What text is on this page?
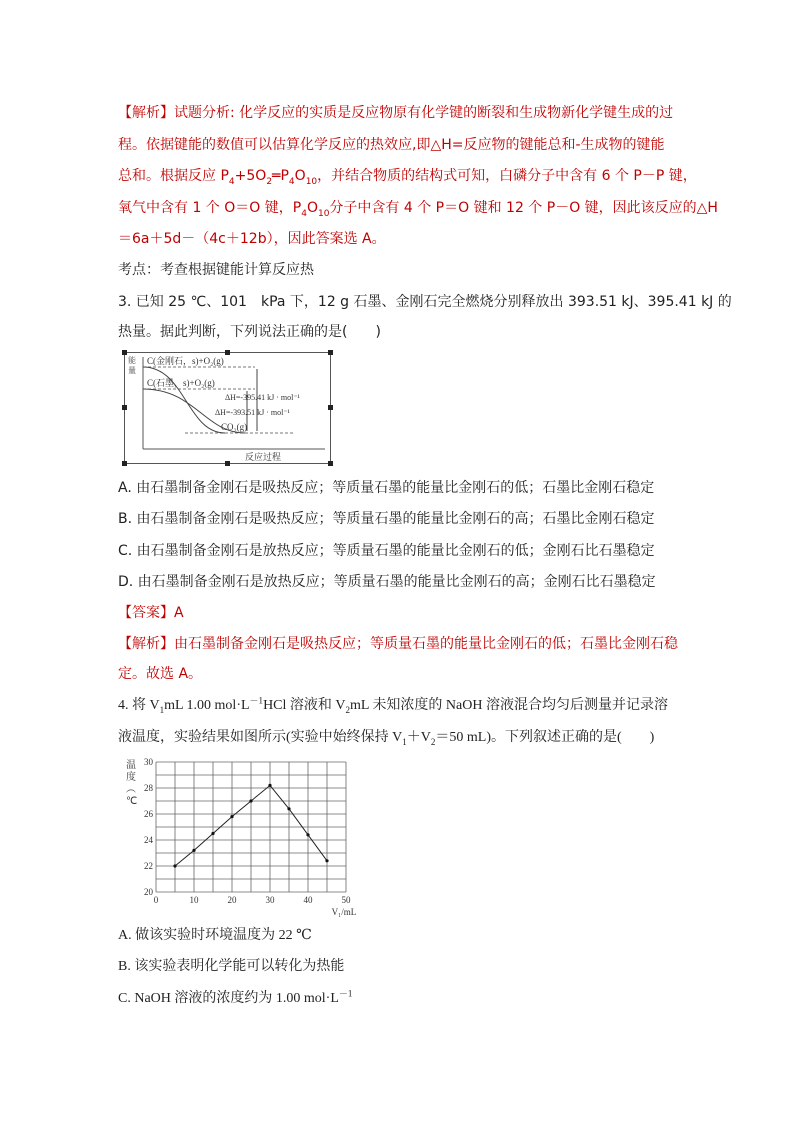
【解析】试题分析: 化学反应的实质是反应物原有化学键的断裂和生成物新化学键生成的过
程。依据键能的数值可以估算化学反应的热效应,即△H=反应物的键能总和-生成物的键能
总和。根据反应 $P_4+5O_2═P_4O_{10}$，并结合物质的结构式可知，白磷分子中含有 6 个 P－P 键，
氧气中含有 1 个 O＝O 键，$P_4O_{10}$分子中含有 4 个 P＝O 键和 12 个 P－O 键，因此该反应的△H
＝6a＋5d－（4c＋12b），因此答案选 A。
考点：考查根据键能计算反应热
3. 已知 25 ℃、101　kPa 下，12 g 石墨、金刚石完全燃烧分别释放出 393.51 kJ、395.41 kJ 的
热量。据此判断，下列说法正确的是(　　)
能
量
C(金刚石，s)+O₂(g)
C(石墨，s)+O₂(g)
ΔH=-395.41 kJ · mol⁻¹
ΔH=-393.51 kJ · mol⁻¹
CO₂(g)
反应过程
A. 由石墨制备金刚石是吸热反应；等质量石墨的能量比金刚石的低；石墨比金刚石稳定
B. 由石墨制备金刚石是吸热反应；等质量石墨的能量比金刚石的高；石墨比金刚石稳定
C. 由石墨制备金刚石是放热反应；等质量石墨的能量比金刚石的低；金刚石比石墨稳定
D. 由石墨制备金刚石是放热反应；等质量石墨的能量比金刚石的高；金刚石比石墨稳定
【答案】A
【解析】由石墨制备金刚石是吸热反应；等质量石墨的能量比金刚石的低；石墨比金刚石稳
定。故选 A。
4. 将 $V_1mL$ 1.00 $mol\cdot L^{-1}HCl$ 溶液和 $V_2mL$ 未知浓度的 NaOH 溶液混合均匀后测量并记录溶
液温度，实验结果如图所示(实验中始终保持 $V_1+V_2=50$ mL)。下列叙述正确的是(　　)
0	10	20	30	40	50
20
22
24
26
28
30
温
度
︵
℃
V₁/mL
A. 做该实验时环境温度为 22 ℃
B. 该实验表明化学能可以转化为热能
C. NaOH 溶液的浓度约为 1.00 $mol\cdot L^{-1}$
